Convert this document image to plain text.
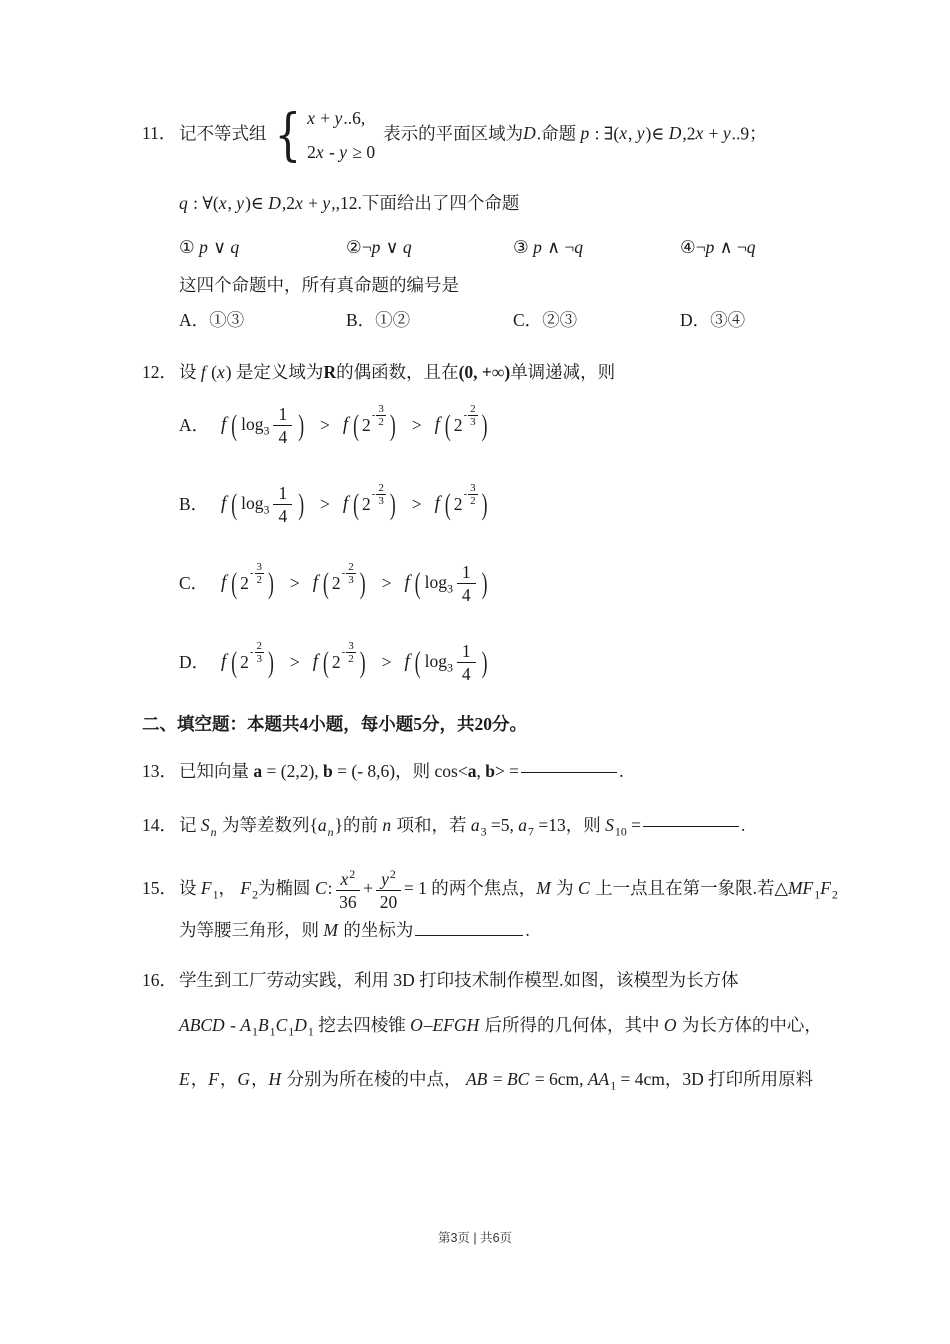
11． 记不等式组 { x + y..6,
2x - y ≥ 0
表示的平面区域为D.命题 p : ∃(x, y)∈ D,2x + y..9；
q : ∀(x, y)∈ D,2x + y,,12.下面给出了四个命题
① p ∨ q	②¬p ∨ q	③ p ∧ ¬q	④¬p ∧ ¬q
这四个命题中，所有真命题的编号是
A．①③	B．①②	C．②③	D．③④
12． 设 f (x) 是定义域为R的偶函数，且在(0, +∞)单调递减，则
A． f ( $\log_3 \frac{1}{4}$ ) > f ( $2 - \frac{3}{2}$ ) > f ( $2 - \frac{2}{3}$ )
B． f ( $\log_3 \frac{1}{4}$ ) > f ( $2 - \frac{2}{3}$ ) > f ( $2 - \frac{3}{2}$ )
C． f ( $2 - \frac{3}{2}$ ) > f ( $2 - \frac{2}{3}$ ) > f ( $\log_3 \frac{1}{4}$ )
D． f ( $2 - \frac{2}{3}$ ) > f ( $2 - \frac{3}{2}$ ) > f ( $\log_3 \frac{1}{4}$ )
二、填空题：本题共4小题，每小题5分，共20分。
13． 已知向量 a = (2,2), b = (- 8,6)，则 cos<a, b> =	.
14． 记 $S_n$ 为等差数列$\{a_n\}$的前 n 项和，若 $a_3 =5$, $a_7 =13$，则 $S_{10}$ =	.
15． 设 $F_1$， $F_2$为椭圆 C: $\frac{x^2}{36} + \frac{y^2}{20} = 1$ 的两个焦点，M 为 C 上一点且在第一象限.若$\triangle MF_1F_2$
为等腰三角形，则 M 的坐标为	.
16． 学生到工厂劳动实践，利用 3D 打印技术制作模型.如图，该模型为长方体
ABCD - $A_1B_1C_1D_1$ 挖去四棱锥 O–EFGH 后所得的几何体，其中 O 为长方体的中心，
E，F，G，H 分别为所在棱的中点， AB = BC = 6cm, $AA_1 = 4cm$，3D 打印所用原料
第3页 | 共6页
